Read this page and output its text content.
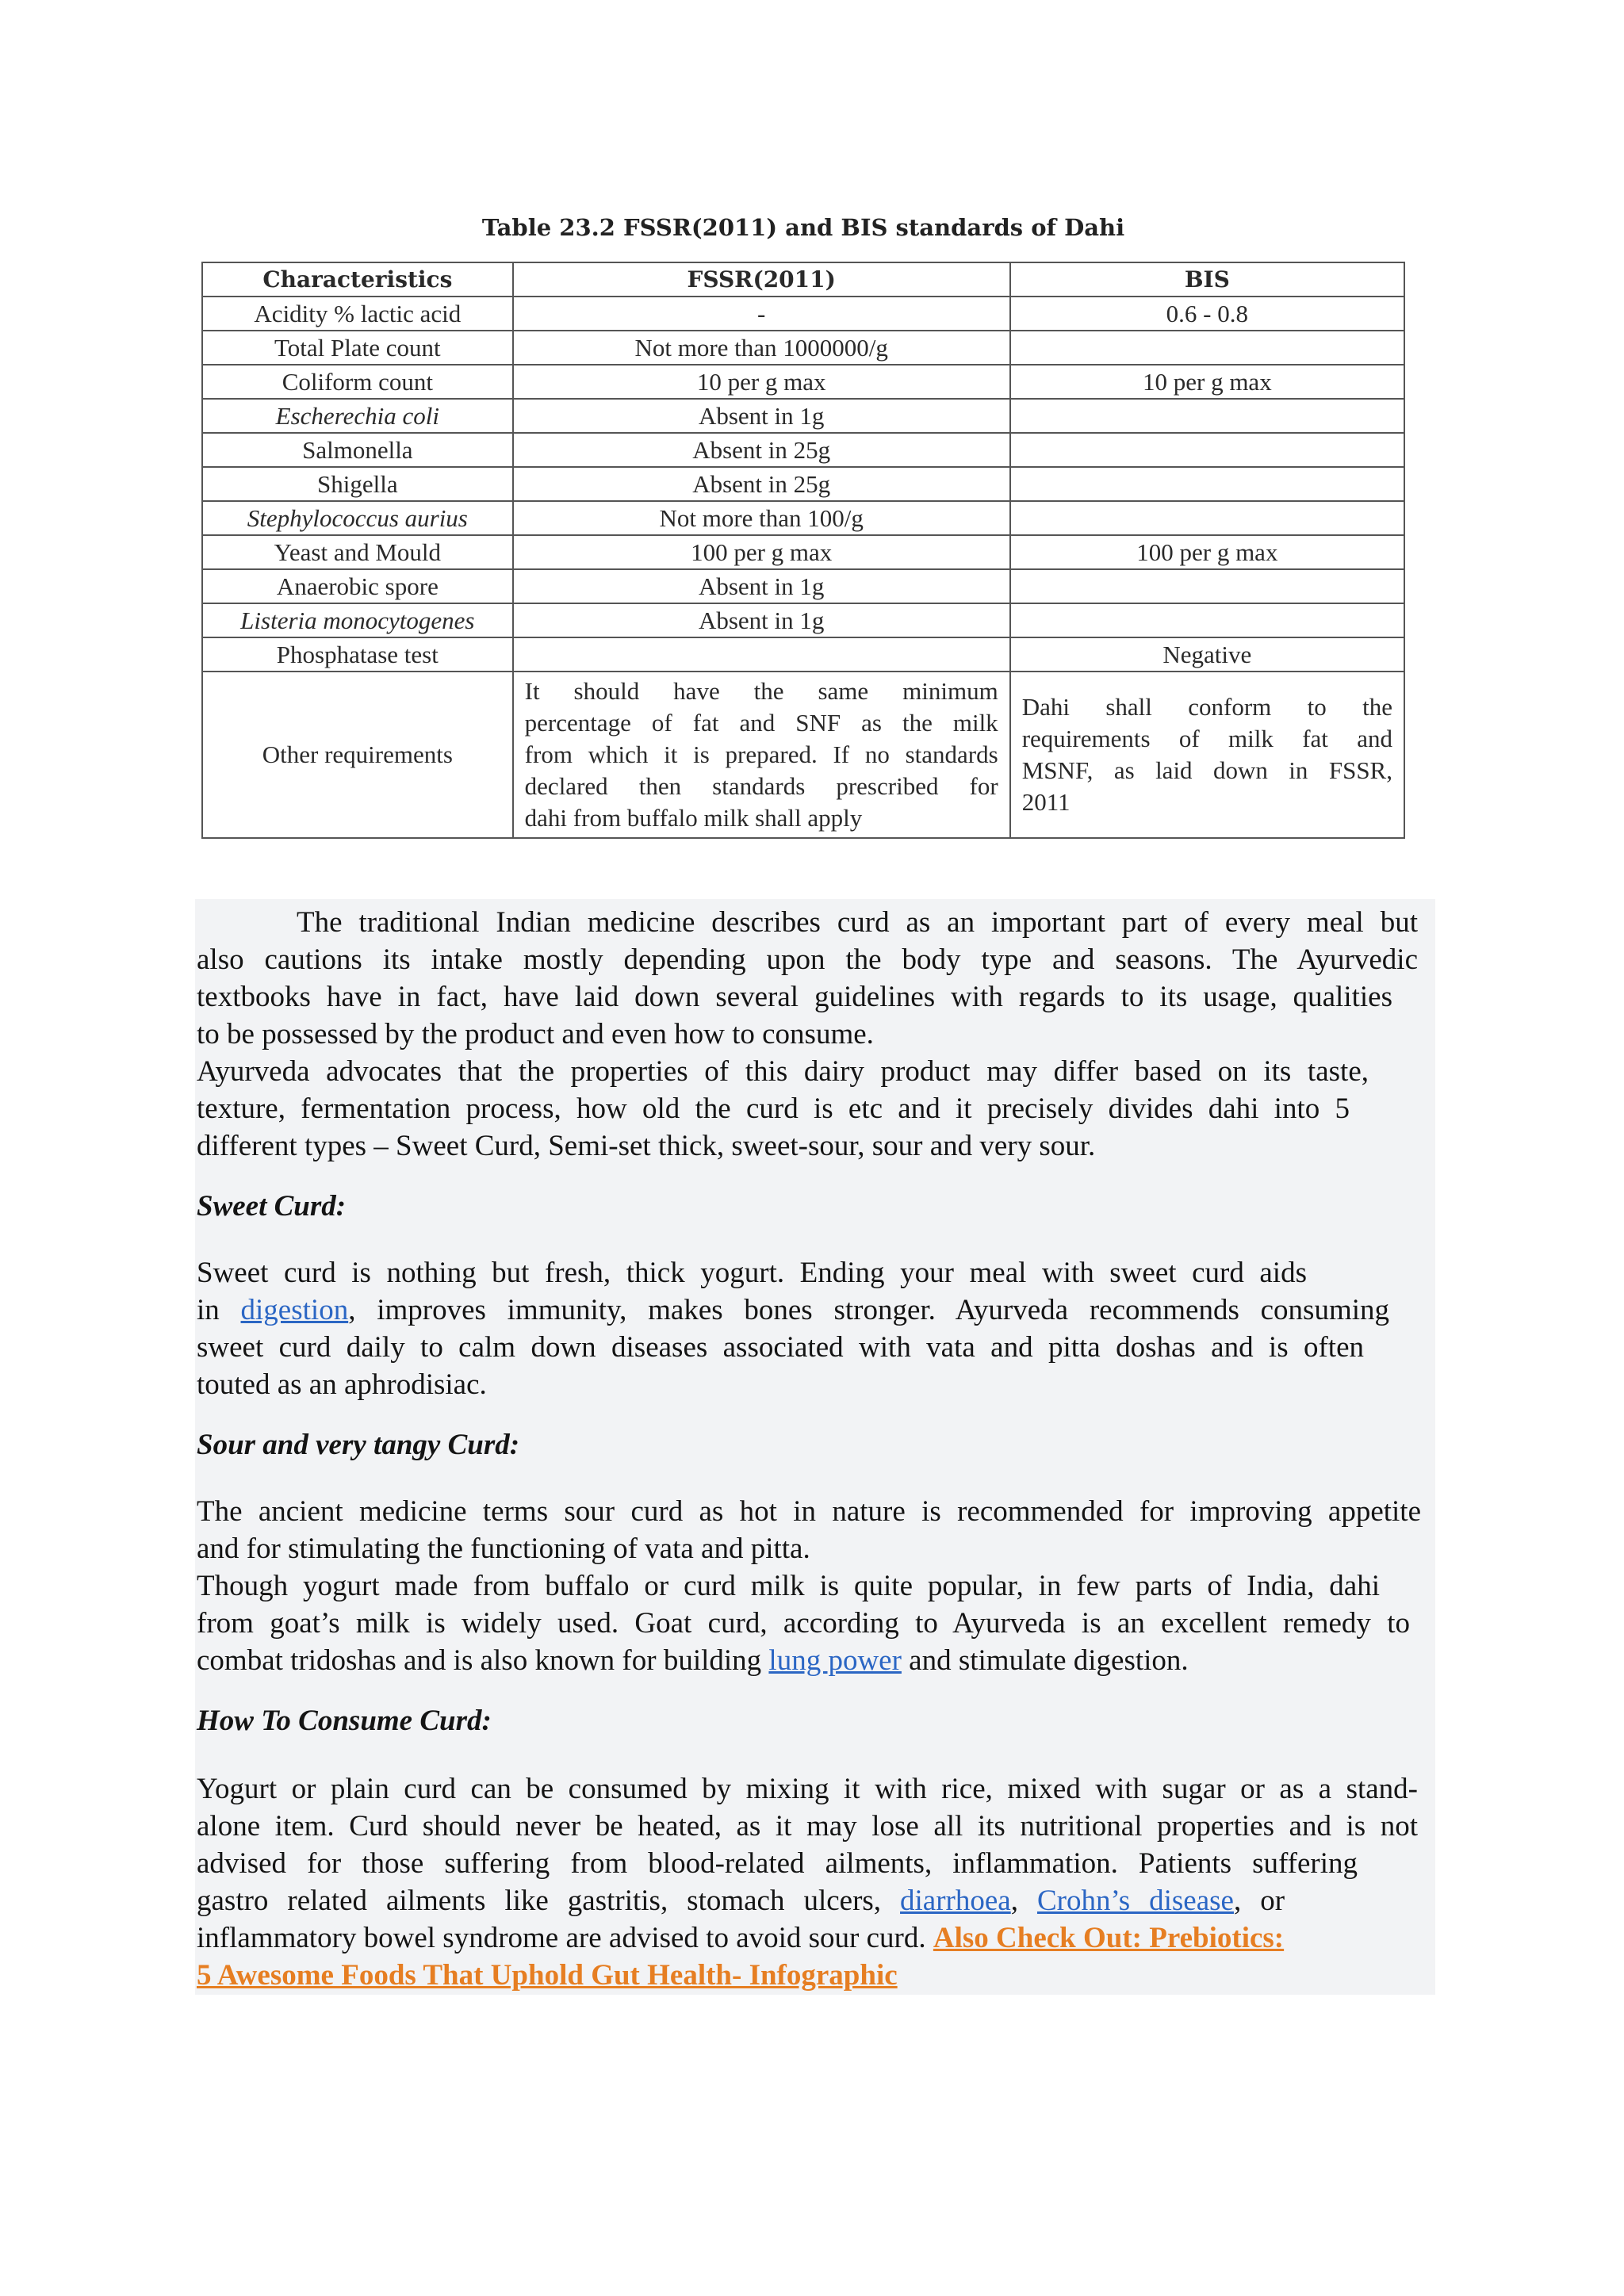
Table 23.2 FSSR(2011) and BIS standards of Dahi
Characteristics	FSSR(2011)	BIS
Acidity % lactic acid	-	0.6 - 0.8
Total Plate count	Not more than 1000000/g	
Coliform count	10 per g max	10 per g max
Escherechia coli	Absent in 1g	
Salmonella	Absent in 25g	
Shigella	Absent in 25g	
Stephylococcus aurius	Not more than 100/g	
Yeast and Mould	100 per g max	100 per g max
Anaerobic spore	Absent in 1g	
Listeria monocytogenes	Absent in 1g	
Phosphatase test		Negative
Other requirements	It should have the same minimum
percentage of fat and SNF as the milk
from which it is prepared. If no standards
declared then standards prescribed for
dahi from buffalo milk shall apply	Dahi shall conform to the
requirements of milk fat and
MSNF, as laid down in FSSR,
2011
The traditional Indian medicine describes curd as an important part of every meal but
also cautions its intake mostly depending upon the body type and seasons. The Ayurvedic
textbooks have in fact, have laid down several guidelines with regards to its usage, qualities
to be possessed by the product and even how to consume.
Ayurveda advocates that the properties of this dairy product may differ based on its taste,
texture, fermentation process, how old the curd is etc and it precisely divides dahi into 5
different types – Sweet Curd, Semi-set thick, sweet-sour, sour and very sour.
Sweet Curd:
Sweet curd is nothing but fresh, thick yogurt. Ending your meal with sweet curd aids
in digestion, improves immunity, makes bones stronger. Ayurveda recommends consuming
sweet curd daily to calm down diseases associated with vata and pitta doshas and is often
touted as an aphrodisiac.
Sour and very tangy Curd:
The ancient medicine terms sour curd as hot in nature is recommended for improving appetite
and for stimulating the functioning of vata and pitta.
Though yogurt made from buffalo or curd milk is quite popular, in few parts of India, dahi
from goat’s milk is widely used. Goat curd, according to Ayurveda is an excellent remedy to
combat tridoshas and is also known for building lung power and stimulate digestion.
How To Consume Curd:
Yogurt or plain curd can be consumed by mixing it with rice, mixed with sugar or as a stand-
alone item. Curd should never be heated, as it may lose all its nutritional properties and is not
advised for those suffering from blood-related ailments, inflammation. Patients suffering
gastro related ailments like gastritis, stomach ulcers, diarrhoea, Crohn’s disease, or
inflammatory bowel syndrome are advised to avoid sour curd. Also Check Out: Prebiotics:
5 Awesome Foods That Uphold Gut Health- Infographic
